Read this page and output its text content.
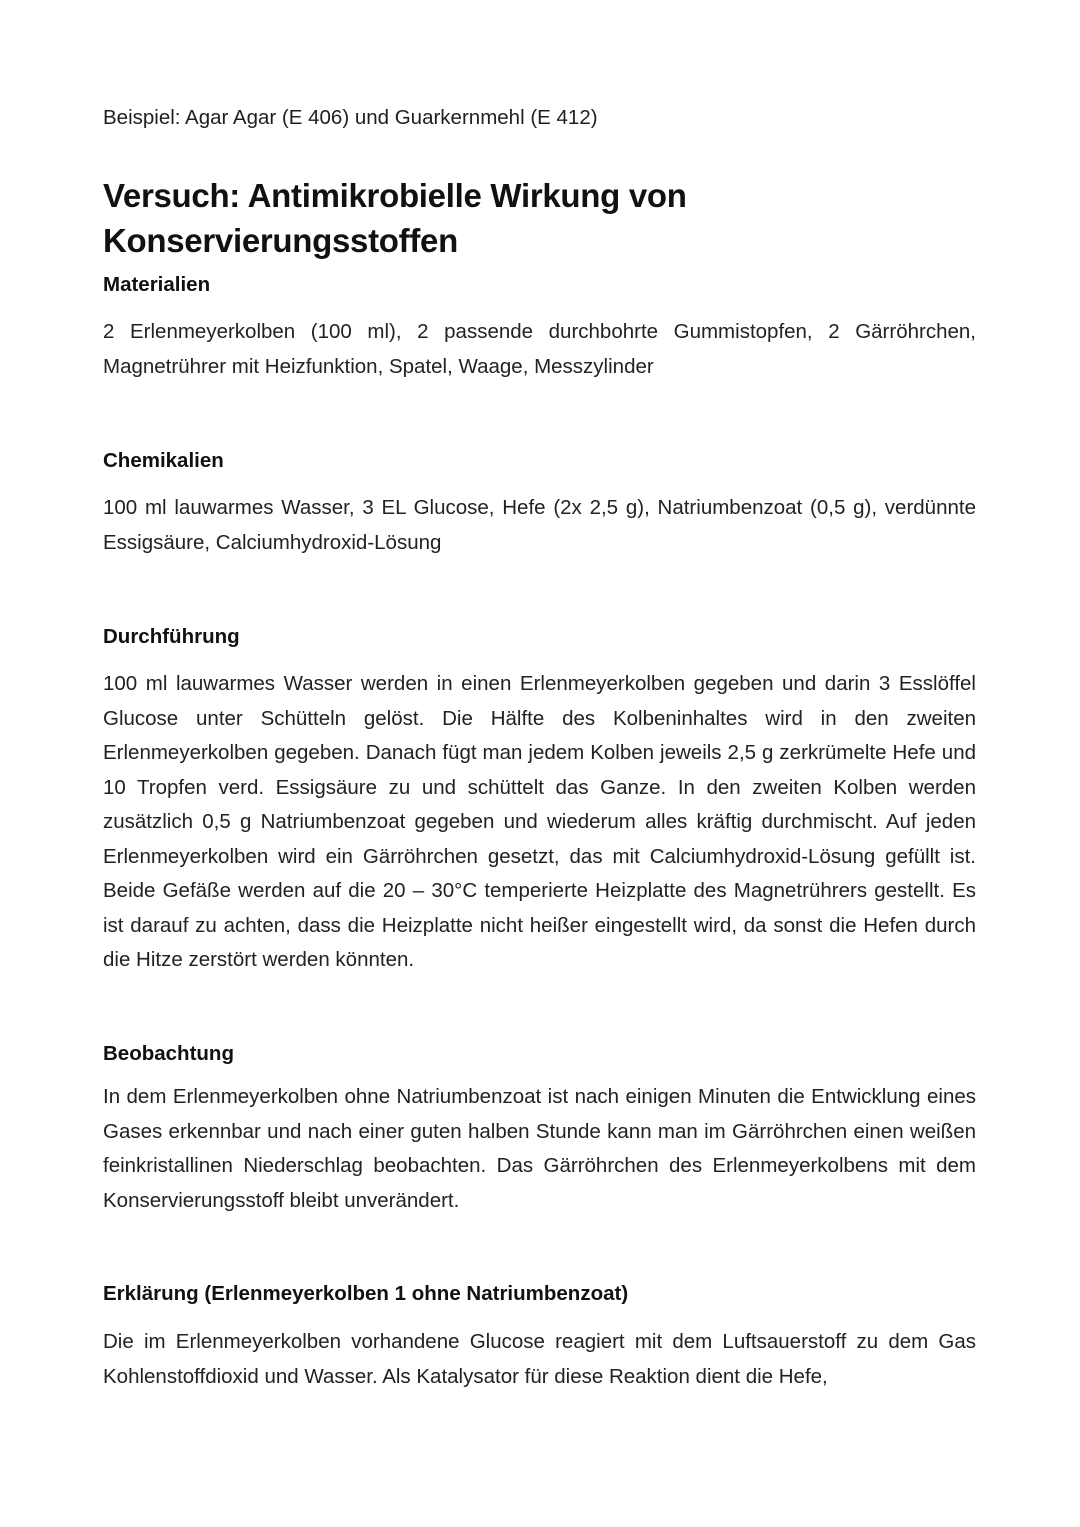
Beispiel: Agar Agar (E 406) und Guarkernmehl (E 412)

Versuch: Antimikrobielle Wirkung von Konservierungsstoffen
Materialien

2 Erlenmeyerkolben (100 ml), 2 passende durchbohrte Gummistopfen, 2 Gärröhrchen, Magnetrührer mit Heizfunktion, Spatel, Waage, Messzylinder

Chemikalien

100 ml lauwarmes Wasser, 3 EL Glucose, Hefe (2x 2,5 g), Natriumbenzoat (0,5 g), verdünnte Essigsäure, Calciumhydroxid-Lösung

Durchführung

100 ml lauwarmes Wasser werden in einen Erlenmeyerkolben gegeben und darin 3 Esslöffel Glucose unter Schütteln gelöst. Die Hälfte des Kolbeninhaltes wird in den zweiten Erlenmeyerkolben gegeben. Danach fügt man jedem Kolben jeweils 2,5 g zerkrümelte Hefe und 10 Tropfen verd. Essigsäure zu und schüttelt das Ganze. In den zweiten Kolben werden zusätzlich 0,5 g Natriumbenzoat gegeben und wiederum alles kräftig durchmischt. Auf jeden Erlenmeyerkolben wird ein Gärröhrchen gesetzt, das mit Calciumhydroxid-Lösung gefüllt ist. Beide Gefäße werden auf die 20 – 30°C temperierte Heizplatte des Magnetrührers gestellt. Es ist darauf zu achten, dass die Heizplatte nicht heißer eingestellt wird, da sonst die Hefen durch die Hitze zerstört werden könnten.

Beobachtung

In dem Erlenmeyerkolben ohne Natriumbenzoat ist nach einigen Minuten die Entwicklung eines Gases erkennbar und nach einer guten halben Stunde kann man im Gärröhrchen einen weißen feinkristallinen Niederschlag beobachten. Das Gärröhrchen des Erlenmeyerkolbens mit dem Konservierungsstoff bleibt unverändert.

Erklärung (Erlenmeyerkolben 1 ohne Natriumbenzoat)

Die im Erlenmeyerkolben vorhandene Glucose reagiert mit dem Luftsauerstoff zu dem Gas Kohlenstoffdioxid und Wasser. Als Katalysator für diese Reaktion dient die Hefe,
